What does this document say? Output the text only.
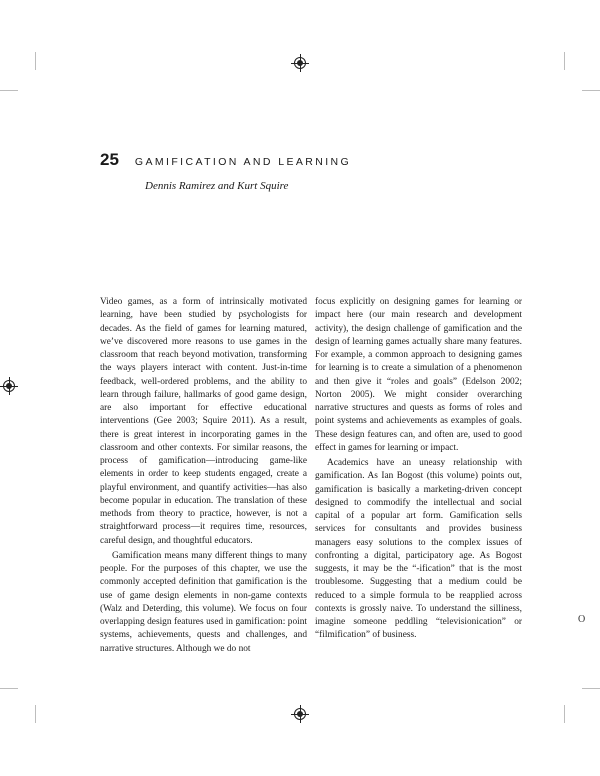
25 GAMIFICATION AND LEARNING
Dennis Ramirez and Kurt Squire

Video games, as a form of intrinsically motivated learning, have been studied by psychologists for decades. As the field of games for learning matured, we’ve discovered more reasons to use games in the classroom that reach beyond motivation, transforming the ways players interact with content. Just-in-time feedback, well-ordered problems, and the ability to learn through failure, hallmarks of good game design, are also important for effective educational interventions (Gee 2003; Squire 2011). As a result, there is great interest in incorporating games in the classroom and other contexts. For similar reasons, the process of gamification—introducing game-like elements in order to keep students engaged, create a playful environment, and quantify activities—has also become popular in education. The translation of these methods from theory to practice, however, is not a straightforward process—it requires time, resources, careful design, and thoughtful educators.

Gamification means many different things to many people. For the purposes of this chapter, we use the commonly accepted definition that gamification is the use of game design elements in non-game contexts (Walz and Deterding, this volume). We focus on four overlapping design features used in gamification: point systems, achievements, quests and challenges, and narrative structures. Although we do not

focus explicitly on designing games for learning or impact here (our main research and development activity), the design challenge of gamification and the design of learning games actually share many features. For example, a common approach to designing games for learning is to create a simulation of a phenomenon and then give it “roles and goals” (Edelson 2002; Norton 2005). We might consider overarching narrative structures and quests as forms of roles and point systems and achievements as examples of goals. These design features can, and often are, used to good effect in games for learning or impact.

Academics have an uneasy relationship with gamification. As Ian Bogost (this volume) points out, gamification is basically a marketing-driven concept designed to commodify the intellectual and social capital of a popular art form. Gamification sells services for consultants and provides business managers easy solutions to the complex issues of confronting a digital, participatory age. As Bogost suggests, it may be the “-ification” that is the most troublesome. Suggesting that a medium could be reduced to a simple formula to be reapplied across contexts is grossly naive. To understand the silliness, imagine someone peddling “televisionication” or “filmification” of business.

O
